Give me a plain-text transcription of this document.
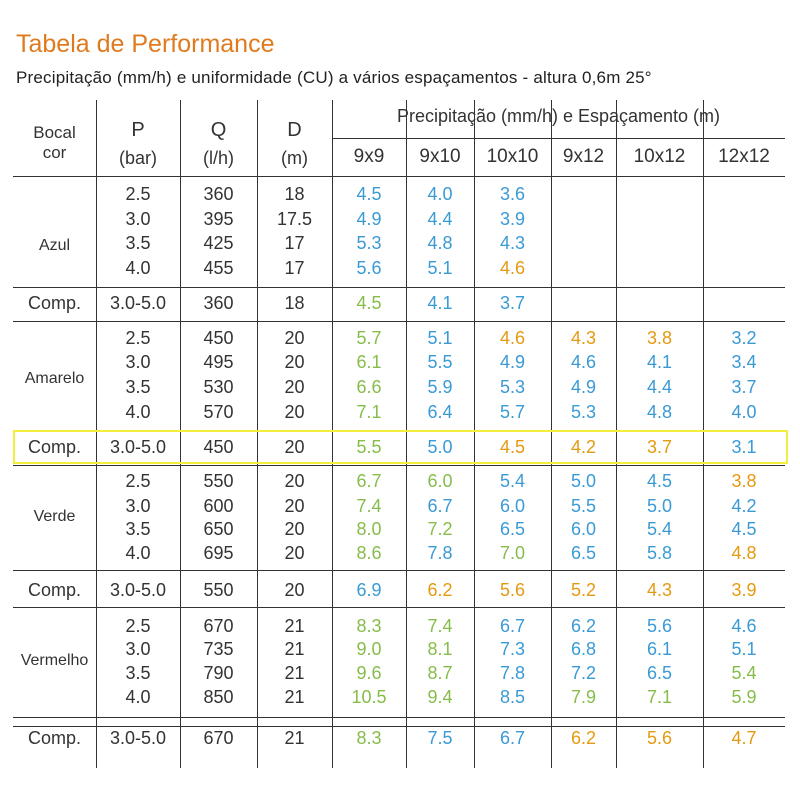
Tabela de Performance
Precipitação (mm/h) e uniformidade (CU) a vários espaçamentos - altura 0,6m 25°
Bocal
cor
P
(bar)
Q
(l/h)
D
(m)
Precipitação (mm/h) e Espaçamento (m)
9x9	9x10	10x10	9x12	10x12	12x12
Azul
2.5	360	18	4.5	4.0	3.6
3.0	395	17.5	4.9	4.4	3.9
3.5	425	17	5.3	4.8	4.3
4.0	455	17	5.6	5.1	4.6
Comp.	3.0-5.0	360	18	4.5	4.1	3.7
Amarelo
2.5	450	20	5.7	5.1	4.6	4.3	3.8	3.2
3.0	495	20	6.1	5.5	4.9	4.6	4.1	3.4
3.5	530	20	6.6	5.9	5.3	4.9	4.4	3.7
4.0	570	20	7.1	6.4	5.7	5.3	4.8	4.0
Comp.	3.0-5.0	450	20	5.5	5.0	4.5	4.2	3.7	3.1
Verde
2.5	550	20	6.7	6.0	5.4	5.0	4.5	3.8
3.0	600	20	7.4	6.7	6.0	5.5	5.0	4.2
3.5	650	20	8.0	7.2	6.5	6.0	5.4	4.5
4.0	695	20	8.6	7.8	7.0	6.5	5.8	4.8
Comp.	3.0-5.0	550	20	6.9	6.2	5.6	5.2	4.3	3.9
Vermelho
2.5	670	21	8.3	7.4	6.7	6.2	5.6	4.6
3.0	735	21	9.0	8.1	7.3	6.8	6.1	5.1
3.5	790	21	9.6	8.7	7.8	7.2	6.5	5.4
4.0	850	21	10.5	9.4	8.5	7.9	7.1	5.9
Comp.	3.0-5.0	670	21	8.3	7.5	6.7	6.2	5.6	4.7
